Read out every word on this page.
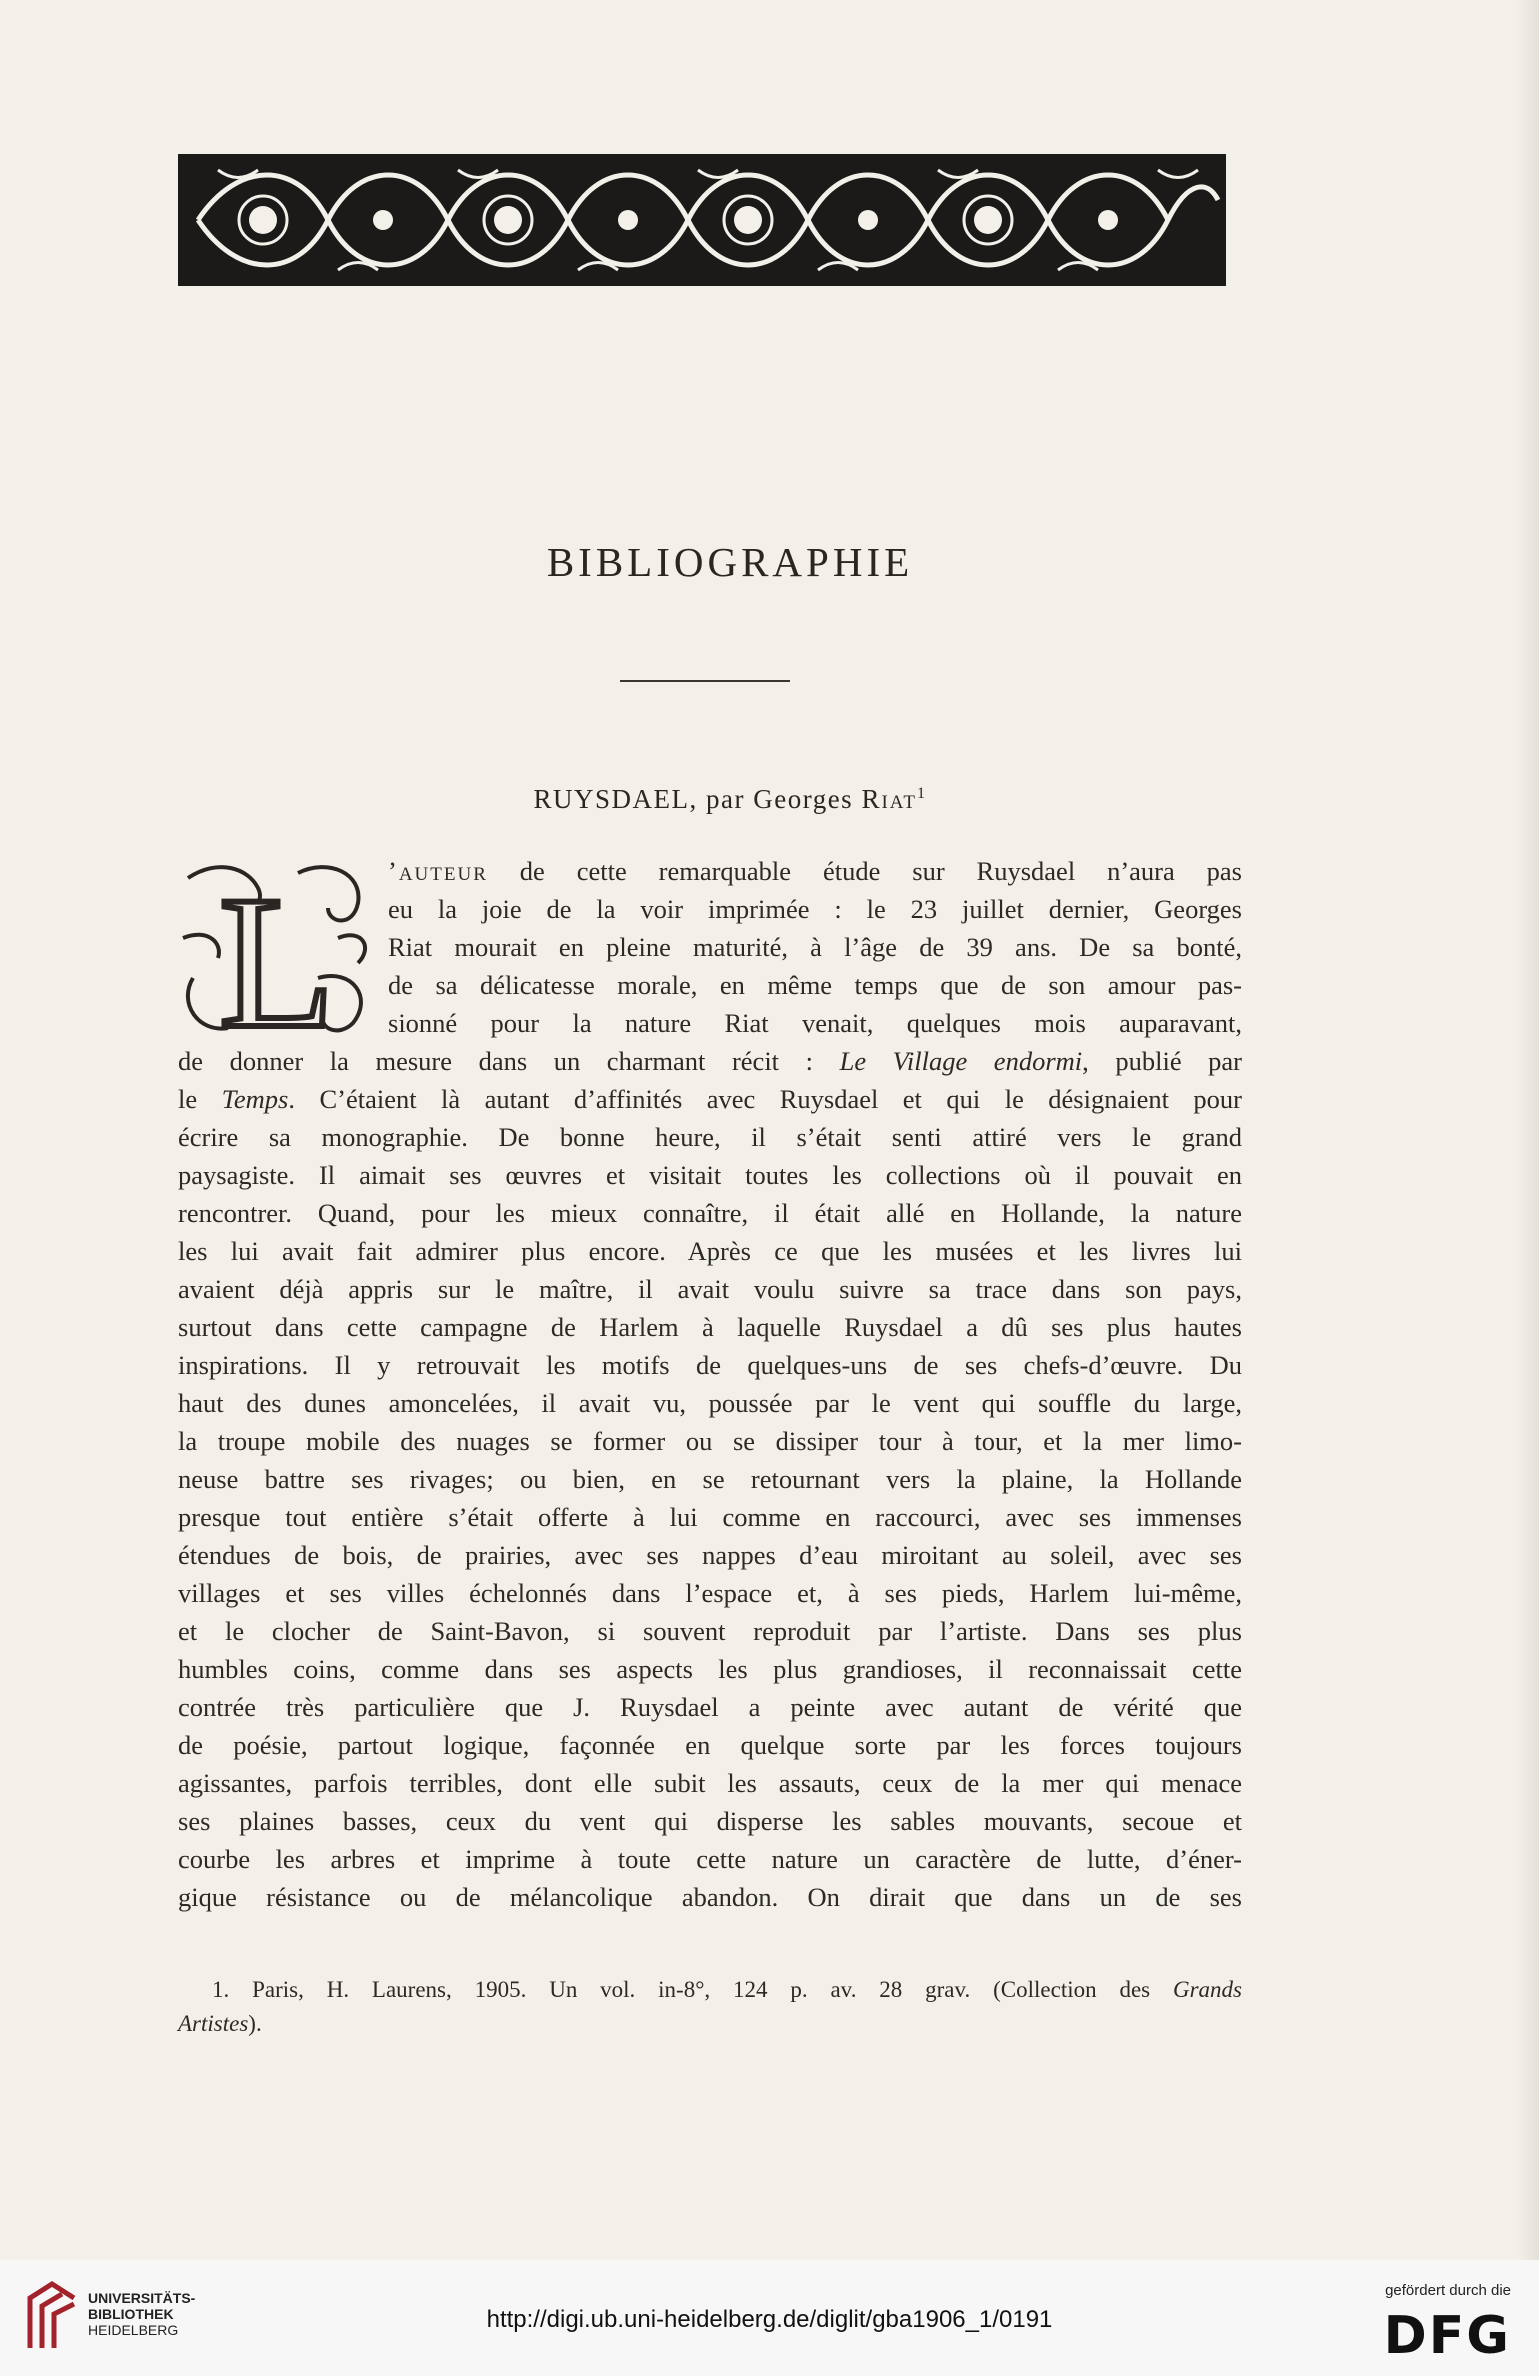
BIBLIOGRAPHIE
RUYSDAEL, par Georges Riat$^1$
L ’auteur de cette remarquable étude sur Ruysdael n’aura pas
eu la joie de la voir imprimée : le 23 juillet dernier, Georges
Riat mourait en pleine maturité, à l’âge de 39 ans. De sa bonté,
de sa délicatesse morale, en même temps que de son amour pas-
sionné pour la nature Riat venait, quelques mois auparavant,
de donner la mesure dans un charmant récit : Le Village endormi, publié par
le Temps. C’étaient là autant d’affinités avec Ruysdael et qui le désignaient pour
écrire sa monographie. De bonne heure, il s’était senti attiré vers le grand
paysagiste. Il aimait ses œuvres et visitait toutes les collections où il pouvait en
rencontrer. Quand, pour les mieux connaître, il était allé en Hollande, la nature
les lui avait fait admirer plus encore. Après ce que les musées et les livres lui
avaient déjà appris sur le maître, il avait voulu suivre sa trace dans son pays,
surtout dans cette campagne de Harlem à laquelle Ruysdael a dû ses plus hautes
inspirations. Il y retrouvait les motifs de quelques-uns de ses chefs-d’œuvre. Du
haut des dunes amoncelées, il avait vu, poussée par le vent qui souffle du large,
la troupe mobile des nuages se former ou se dissiper tour à tour, et la mer limo-
neuse battre ses rivages; ou bien, en se retournant vers la plaine, la Hollande
presque tout entière s’était offerte à lui comme en raccourci, avec ses immenses
étendues de bois, de prairies, avec ses nappes d’eau miroitant au soleil, avec ses
villages et ses villes échelonnés dans l’espace et, à ses pieds, Harlem lui-même,
et le clocher de Saint-Bavon, si souvent reproduit par l’artiste. Dans ses plus
humbles coins, comme dans ses aspects les plus grandioses, il reconnaissait cette
contrée très particulière que J. Ruysdael a peinte avec autant de vérité que
de poésie, partout logique, façonnée en quelque sorte par les forces toujours
agissantes, parfois terribles, dont elle subit les assauts, ceux de la mer qui menace
ses plaines basses, ceux du vent qui disperse les sables mouvants, secoue et
courbe les arbres et imprime à toute cette nature un caractère de lutte, d’éner-
gique résistance ou de mélancolique abandon. On dirait que dans un de ses
1. Paris, H. Laurens, 1905. Un vol. in-8°, 124 p. av. 28 grav. (Collection des Grands
Artistes).
UNIVERSITÄTS-
BIBLIOTHEK
HEIDELBERG	http://digi.ub.uni-heidelberg.de/diglit/gba1906_1/0191
gefördert durch die
DFG
